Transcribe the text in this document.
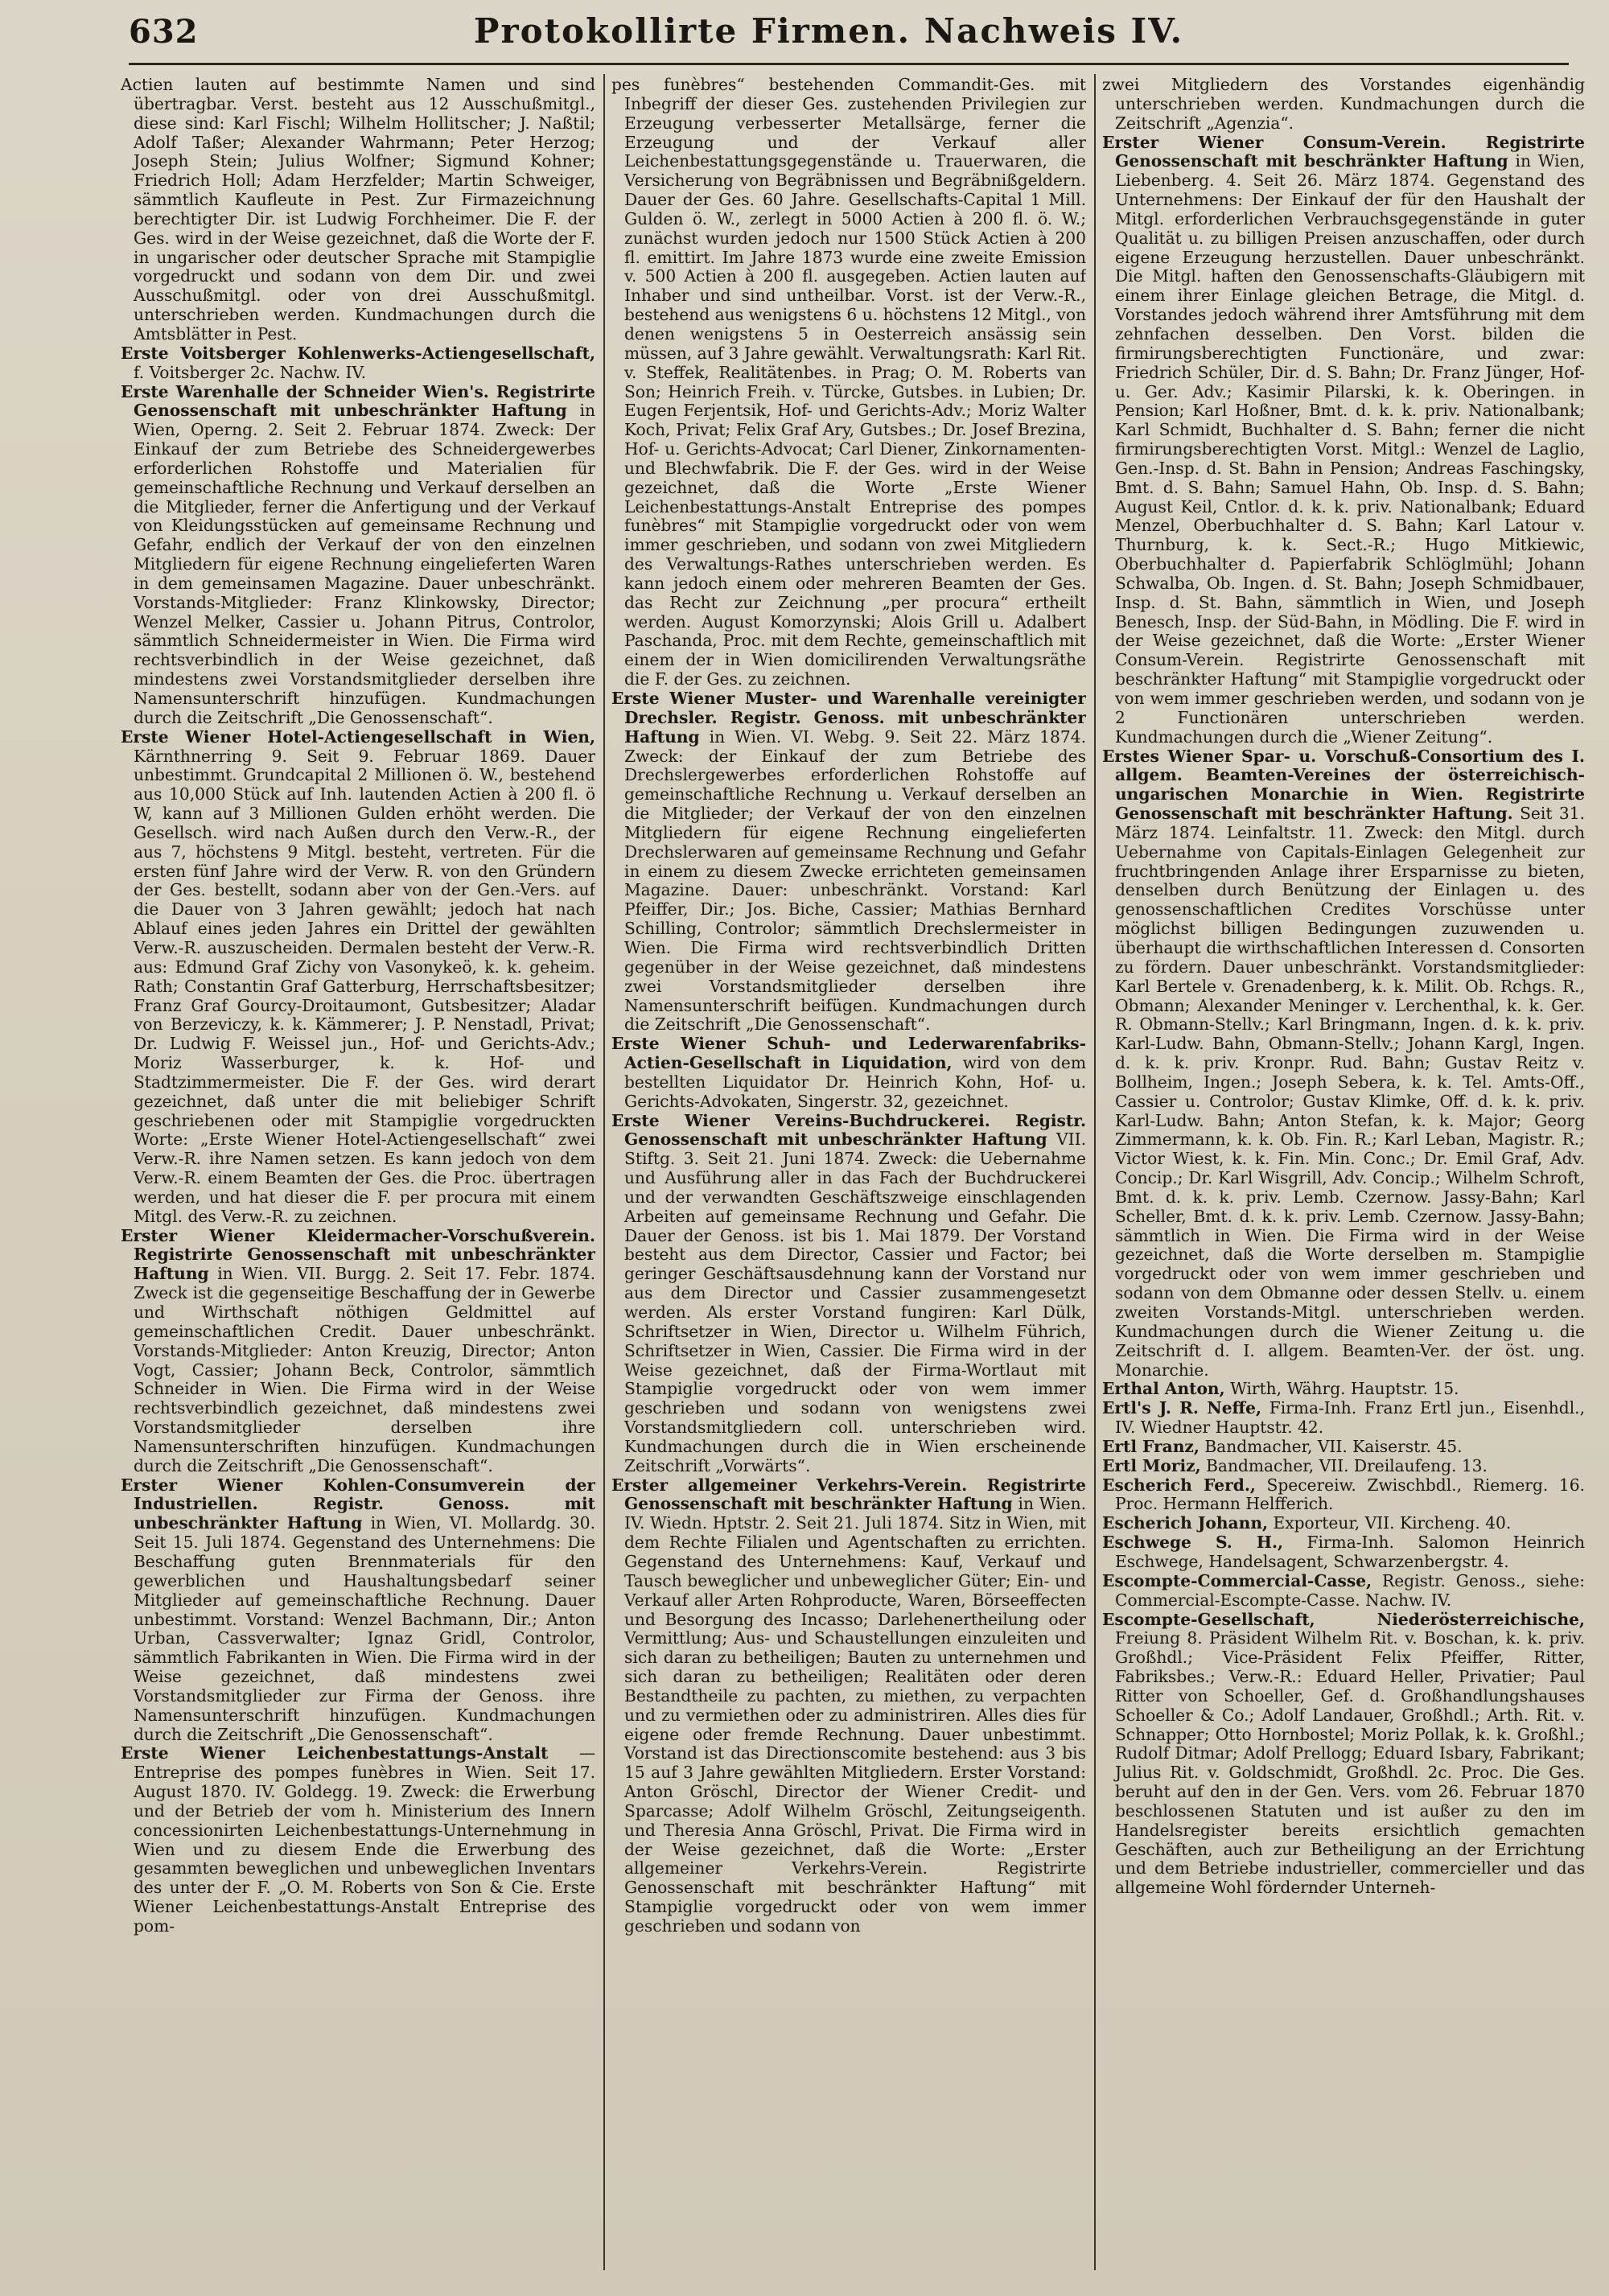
632	Protokollirte Firmen. Nachweis IV.

Actien lauten auf bestimmte Namen und sind übertragbar. Verst. besteht aus 12 Ausschußmitgl., diese sind: Karl Fischl; Wilhelm Hollitscher; J. Naßtil; Adolf Taßer; Alexander Wahrmann; Peter Herzog; Joseph Stein; Julius Wolfner; Sigmund Kohner; Friedrich Holl; Adam Herzfelder; Martin Schweiger, sämmtlich Kaufleute in Pest. Zur Firmazeichnung berechtigter Dir. ist Ludwig Forchheimer. Die F. der Ges. wird in der Weise gezeichnet, daß die Worte der F. in ungarischer oder deutscher Sprache mit Stampiglie vorgedruckt und sodann von dem Dir. und zwei Ausschußmitgl. oder von drei Ausschußmitgl. unterschrieben werden. Kundmachungen durch die Amtsblätter in Pest.

Erste Voitsberger Kohlenwerks-Actiengesellschaft, f. Voitsberger 2c. Nachw. IV.

Erste Warenhalle der Schneider Wien's. Registrirte Genossenschaft mit unbeschränkter Haftung in Wien, Operng. 2. Seit 2. Februar 1874. Zweck: Der Einkauf der zum Betriebe des Schneidergewerbes erforderlichen Rohstoffe und Materialien für gemeinschaftliche Rechnung und Verkauf derselben an die Mitglieder, ferner die Anfertigung und der Verkauf von Kleidungsstücken auf gemeinsame Rechnung und Gefahr, endlich der Verkauf der von den einzelnen Mitgliedern für eigene Rechnung eingelieferten Waren in dem gemeinsamen Magazine. Dauer unbeschränkt. Vorstands-Mitglieder: Franz Klinkowsky, Director; Wenzel Melker, Cassier u. Johann Pitrus, Controlor, sämmtlich Schneidermeister in Wien. Die Firma wird rechtsverbindlich in der Weise gezeichnet, daß mindestens zwei Vorstandsmitglieder derselben ihre Namensunterschrift hinzufügen. Kundmachungen durch die Zeitschrift „Die Genossenschaft“.

Erste Wiener Hotel-Actiengesellschaft in Wien, Kärnthnerring 9. Seit 9. Februar 1869. Dauer unbestimmt. Grundcapital 2 Millionen ö. W., bestehend aus 10,000 Stück auf Inh. lautenden Actien à 200 fl. ö W, kann auf 3 Millionen Gulden erhöht werden. Die Gesellsch. wird nach Außen durch den Verw.-R., der aus 7, höchstens 9 Mitgl. besteht, vertreten. Für die ersten fünf Jahre wird der Verw. R. von den Gründern der Ges. bestellt, sodann aber von der Gen.-Vers. auf die Dauer von 3 Jahren gewählt; jedoch hat nach Ablauf eines jeden Jahres ein Drittel der gewählten Verw.-R. auszuscheiden. Dermalen besteht der Verw.-R. aus: Edmund Graf Zichy von Vasonykeö, k. k. geheim. Rath; Constantin Graf Gatterburg, Herrschaftsbesitzer; Franz Graf Gourcy-Droitaumont, Gutsbesitzer; Aladar von Berzeviczy, k. k. Kämmerer; J. P. Nenstadl, Privat; Dr. Ludwig F. Weissel jun., Hof- und Gerichts-Adv.; Moriz Wasserburger, k. k. Hof- und Stadtzimmermeister. Die F. der Ges. wird derart gezeichnet, daß unter die mit beliebiger Schrift geschriebenen oder mit Stampiglie vorgedruckten Worte: „Erste Wiener Hotel-Actiengesellschaft“ zwei Verw.-R. ihre Namen setzen. Es kann jedoch von dem Verw.-R. einem Beamten der Ges. die Proc. übertragen werden, und hat dieser die F. per procura mit einem Mitgl. des Verw.-R. zu zeichnen.

Erster Wiener Kleidermacher-Vorschußverein. Registrirte Genossenschaft mit unbeschränkter Haftung in Wien. VII. Burgg. 2. Seit 17. Febr. 1874. Zweck ist die gegenseitige Beschaffung der in Gewerbe und Wirthschaft nöthigen Geldmittel auf gemeinschaftlichen Credit. Dauer unbeschränkt. Vorstands-Mitglieder: Anton Kreuzig, Director; Anton Vogt, Cassier; Johann Beck, Controlor, sämmtlich Schneider in Wien. Die Firma wird in der Weise rechtsverbindlich gezeichnet, daß mindestens zwei Vorstandsmitglieder derselben ihre Namensunterschriften hinzufügen. Kundmachungen durch die Zeitschrift „Die Genossenschaft“.

Erster Wiener Kohlen-Consumverein der Industriellen. Registr. Genoss. mit unbeschränkter Haftung in Wien, VI. Mollardg. 30. Seit 15. Juli 1874. Gegenstand des Unternehmens: Die Beschaffung guten Brennmaterials für den gewerblichen und Haushaltungsbedarf seiner Mitglieder auf gemeinschaftliche Rechnung. Dauer unbestimmt. Vorstand: Wenzel Bachmann, Dir.; Anton Urban, Cassverwalter; Ignaz Gridl, Controlor, sämmtlich Fabrikanten in Wien. Die Firma wird in der Weise gezeichnet, daß mindestens zwei Vorstandsmitglieder zur Firma der Genoss. ihre Namensunterschrift hinzufügen. Kundmachungen durch die Zeitschrift „Die Genossenschaft“.

Erste Wiener Leichenbestattungs-Anstalt — Entreprise des pompes funèbres in Wien. Seit 17. August 1870. IV. Goldegg. 19. Zweck: die Erwerbung und der Betrieb der vom h. Ministerium des Innern concessionirten Leichenbestattungs-Unternehmung in Wien und zu diesem Ende die Erwerbung des gesammten beweglichen und unbeweglichen Inventars des unter der F. „O. M. Roberts von Son & Cie. Erste Wiener Leichenbestattungs-Anstalt Entreprise des pom-

pes funèbres“ bestehenden Commandit-Ges. mit Inbegriff der dieser Ges. zustehenden Privilegien zur Erzeugung verbesserter Metallsärge, ferner die Erzeugung und der Verkauf aller Leichenbestattungsgegenstände u. Trauerwaren, die Versicherung von Begräbnissen und Begräbnißgeldern. Dauer der Ges. 60 Jahre. Gesellschafts-Capital 1 Mill. Gulden ö. W., zerlegt in 5000 Actien à 200 fl. ö. W.; zunächst wurden jedoch nur 1500 Stück Actien à 200 fl. emittirt. Im Jahre 1873 wurde eine zweite Emission v. 500 Actien à 200 fl. ausgegeben. Actien lauten auf Inhaber und sind untheilbar. Vorst. ist der Verw.-R., bestehend aus wenigstens 6 u. höchstens 12 Mitgl., von denen wenigstens 5 in Oesterreich ansässig sein müssen, auf 3 Jahre gewählt. Verwaltungsrath: Karl Rit. v. Steffek, Realitätenbes. in Prag; O. M. Roberts van Son; Heinrich Freih. v. Türcke, Gutsbes. in Lubien; Dr. Eugen Ferjentsik, Hof- und Gerichts-Adv.; Moriz Walter Koch, Privat; Felix Graf Ary, Gutsbes.; Dr. Josef Brezina, Hof- u. Gerichts-Advocat; Carl Diener, Zinkornamenten- und Blechwfabrik. Die F. der Ges. wird in der Weise gezeichnet, daß die Worte „Erste Wiener Leichenbestattungs-Anstalt Entreprise des pompes funèbres“ mit Stampiglie vorgedruckt oder von wem immer geschrieben, und sodann von zwei Mitgliedern des Verwaltungs-Rathes unterschrieben werden. Es kann jedoch einem oder mehreren Beamten der Ges. das Recht zur Zeichnung „per procura“ ertheilt werden. August Komorzynski; Alois Grill u. Adalbert Paschanda, Proc. mit dem Rechte, gemeinschaftlich mit einem der in Wien domicilirenden Verwaltungsräthe die F. der Ges. zu zeichnen.

Erste Wiener Muster- und Warenhalle vereinigter Drechsler. Registr. Genoss. mit unbeschränkter Haftung in Wien. VI. Webg. 9. Seit 22. März 1874. Zweck: der Einkauf der zum Betriebe des Drechslergewerbes erforderlichen Rohstoffe auf gemeinschaftliche Rechnung u. Verkauf derselben an die Mitglieder; der Verkauf der von den einzelnen Mitgliedern für eigene Rechnung eingelieferten Drechslerwaren auf gemeinsame Rechnung und Gefahr in einem zu diesem Zwecke errichteten gemeinsamen Magazine. Dauer: unbeschränkt. Vorstand: Karl Pfeiffer, Dir.; Jos. Biche, Cassier; Mathias Bernhard Schilling, Controlor; sämmtlich Drechslermeister in Wien. Die Firma wird rechtsverbindlich Dritten gegenüber in der Weise gezeichnet, daß mindestens zwei Vorstandsmitglieder derselben ihre Namensunterschrift beifügen. Kundmachungen durch die Zeitschrift „Die Genossenschaft“.

Erste Wiener Schuh- und Lederwarenfabriks-Actien-Gesellschaft in Liquidation, wird von dem bestellten Liquidator Dr. Heinrich Kohn, Hof- u. Gerichts-Advokaten, Singerstr. 32, gezeichnet.

Erste Wiener Vereins-Buchdruckerei. Registr. Genossenschaft mit unbeschränkter Haftung VII. Stiftg. 3. Seit 21. Juni 1874. Zweck: die Uebernahme und Ausführung aller in das Fach der Buchdruckerei und der verwandten Geschäftszweige einschlagenden Arbeiten auf gemeinsame Rechnung und Gefahr. Die Dauer der Genoss. ist bis 1. Mai 1879. Der Vorstand besteht aus dem Director, Cassier und Factor; bei geringer Geschäftsausdehnung kann der Vorstand nur aus dem Director und Cassier zusammengesetzt werden. Als erster Vorstand fungiren: Karl Dülk, Schriftsetzer in Wien, Director u. Wilhelm Führich, Schriftsetzer in Wien, Cassier. Die Firma wird in der Weise gezeichnet, daß der Firma-Wortlaut mit Stampiglie vorgedruckt oder von wem immer geschrieben und sodann von wenigstens zwei Vorstandsmitgliedern coll. unterschrieben wird. Kundmachungen durch die in Wien erscheinende Zeitschrift „Vorwärts“.

Erster allgemeiner Verkehrs-Verein. Registrirte Genossenschaft mit beschränkter Haftung in Wien. IV. Wiedn. Hptstr. 2. Seit 21. Juli 1874. Sitz in Wien, mit dem Rechte Filialen und Agentschaften zu errichten. Gegenstand des Unternehmens: Kauf, Verkauf und Tausch beweglicher und unbeweglicher Güter; Ein- und Verkauf aller Arten Rohproducte, Waren, Börseeffecten und Besorgung des Incasso; Darlehenertheilung oder Vermittlung; Aus- und Schaustellungen einzuleiten und sich daran zu betheiligen; Bauten zu unternehmen und sich daran zu betheiligen; Realitäten oder deren Bestandtheile zu pachten, zu miethen, zu verpachten und zu vermiethen oder zu administriren. Alles dies für eigene oder fremde Rechnung. Dauer unbestimmt. Vorstand ist das Directionscomite bestehend: aus 3 bis 15 auf 3 Jahre gewählten Mitgliedern. Erster Vorstand: Anton Gröschl, Director der Wiener Credit- und Sparcasse; Adolf Wilhelm Gröschl, Zeitungseigenth. und Theresia Anna Gröschl, Privat. Die Firma wird in der Weise gezeichnet, daß die Worte: „Erster allgemeiner Verkehrs-Verein. Registrirte Genossenschaft mit beschränkter Haftung“ mit Stampiglie vorgedruckt oder von wem immer geschrieben und sodann von

zwei Mitgliedern des Vorstandes eigenhändig unterschrieben werden. Kundmachungen durch die Zeitschrift „Agenzia“.

Erster Wiener Consum-Verein. Registrirte Genossenschaft mit beschränkter Haftung in Wien, Liebenberg. 4. Seit 26. März 1874. Gegenstand des Unternehmens: Der Einkauf der für den Haushalt der Mitgl. erforderlichen Verbrauchsgegenstände in guter Qualität u. zu billigen Preisen anzuschaffen, oder durch eigene Erzeugung herzustellen. Dauer unbeschränkt. Die Mitgl. haften den Genossenschafts-Gläubigern mit einem ihrer Einlage gleichen Betrage, die Mitgl. d. Vorstandes jedoch während ihrer Amtsführung mit dem zehnfachen desselben. Den Vorst. bilden die firmirungsberechtigten Functionäre, und zwar: Friedrich Schüler, Dir. d. S. Bahn; Dr. Franz Jünger, Hof- u. Ger. Adv.; Kasimir Pilarski, k. k. Oberingen. in Pension; Karl Hoßner, Bmt. d. k. k. priv. Nationalbank; Karl Schmidt, Buchhalter d. S. Bahn; ferner die nicht firmirungsberechtigten Vorst. Mitgl.: Wenzel de Laglio, Gen.-Insp. d. St. Bahn in Pension; Andreas Faschingsky, Bmt. d. S. Bahn; Samuel Hahn, Ob. Insp. d. S. Bahn; August Keil, Cntlor. d. k. k. priv. Nationalbank; Eduard Menzel, Oberbuchhalter d. S. Bahn; Karl Latour v. Thurnburg, k. k. Sect.-R.; Hugo Mitkiewic, Oberbuchhalter d. Papierfabrik Schlöglmühl; Johann Schwalba, Ob. Ingen. d. St. Bahn; Joseph Schmidbauer, Insp. d. St. Bahn, sämmtlich in Wien, und Joseph Benesch, Insp. der Süd-Bahn, in Mödling. Die F. wird in der Weise gezeichnet, daß die Worte: „Erster Wiener Consum-Verein. Registrirte Genossenschaft mit beschränkter Haftung“ mit Stampiglie vorgedruckt oder von wem immer geschrieben werden, und sodann von je 2 Functionären unterschrieben werden. Kundmachungen durch die „Wiener Zeitung“.

Erstes Wiener Spar- u. Vorschuß-Consortium des I. allgem. Beamten-Vereines der österreichisch-ungarischen Monarchie in Wien. Registrirte Genossenschaft mit beschränkter Haftung. Seit 31. März 1874. Leinfaltstr. 11. Zweck: den Mitgl. durch Uebernahme von Capitals-Einlagen Gelegenheit zur fruchtbringenden Anlage ihrer Ersparnisse zu bieten, denselben durch Benützung der Einlagen u. des genossenschaftlichen Credites Vorschüsse unter möglichst billigen Bedingungen zuzuwenden u. überhaupt die wirthschaftlichen Interessen d. Consorten zu fördern. Dauer unbeschränkt. Vorstandsmitglieder: Karl Bertele v. Grenadenberg, k. k. Milit. Ob. Rchgs. R., Obmann; Alexander Meninger v. Lerchenthal, k. k. Ger. R. Obmann-Stellv.; Karl Bringmann, Ingen. d. k. k. priv. Karl-Ludw. Bahn, Obmann-Stellv.; Johann Kargl, Ingen. d. k. k. priv. Kronpr. Rud. Bahn; Gustav Reitz v. Bollheim, Ingen.; Joseph Sebera, k. k. Tel. Amts-Off., Cassier u. Controlor; Gustav Klimke, Off. d. k. k. priv. Karl-Ludw. Bahn; Anton Stefan, k. k. Major; Georg Zimmermann, k. k. Ob. Fin. R.; Karl Leban, Magistr. R.; Victor Wiest, k. k. Fin. Min. Conc.; Dr. Emil Graf, Adv. Concip.; Dr. Karl Wisgrill, Adv. Concip.; Wilhelm Schroft, Bmt. d. k. k. priv. Lemb. Czernow. Jassy-Bahn; Karl Scheller, Bmt. d. k. k. priv. Lemb. Czernow. Jassy-Bahn; sämmtlich in Wien. Die Firma wird in der Weise gezeichnet, daß die Worte derselben m. Stampiglie vorgedruckt oder von wem immer geschrieben und sodann von dem Obmanne oder dessen Stellv. u. einem zweiten Vorstands-Mitgl. unterschrieben werden. Kundmachungen durch die Wiener Zeitung u. die Zeitschrift d. I. allgem. Beamten-Ver. der öst. ung. Monarchie.

Erthal Anton, Wirth, Währg. Hauptstr. 15.

Ertl's J. R. Neffe, Firma-Inh. Franz Ertl jun., Eisenhdl., IV. Wiedner Hauptstr. 42.

Ertl Franz, Bandmacher, VII. Kaiserstr. 45.

Ertl Moriz, Bandmacher, VII. Dreilaufeng. 13.

Escherich Ferd., Specereiw. Zwischbdl., Riemerg. 16. Proc. Hermann Helfferich.

Escherich Johann, Exporteur, VII. Kircheng. 40.

Eschwege S. H., Firma-Inh. Salomon Heinrich Eschwege, Handelsagent, Schwarzenbergstr. 4.

Escompte-Commercial-Casse, Registr. Genoss., siehe: Commercial-Escompte-Casse. Nachw. IV.

Escompte-Gesellschaft, Niederösterreichische, Freiung 8. Präsident Wilhelm Rit. v. Boschan, k. k. priv. Großhdl.; Vice-Präsident Felix Pfeiffer, Ritter, Fabriksbes.; Verw.-R.: Eduard Heller, Privatier; Paul Ritter von Schoeller, Gef. d. Großhandlungshauses Schoeller & Co.; Adolf Landauer, Großhdl.; Arth. Rit. v. Schnapper; Otto Hornbostel; Moriz Pollak, k. k. Großhl.; Rudolf Ditmar; Adolf Prellogg; Eduard Isbary, Fabrikant; Julius Rit. v. Goldschmidt, Großhdl. 2c. Proc. Die Ges. beruht auf den in der Gen. Vers. vom 26. Februar 1870 beschlossenen Statuten und ist außer zu den im Handelsregister bereits ersichtlich gemachten Geschäften, auch zur Betheiligung an der Errichtung und dem Betriebe industrieller, commercieller und das allgemeine Wohl fördernder Unterneh-
